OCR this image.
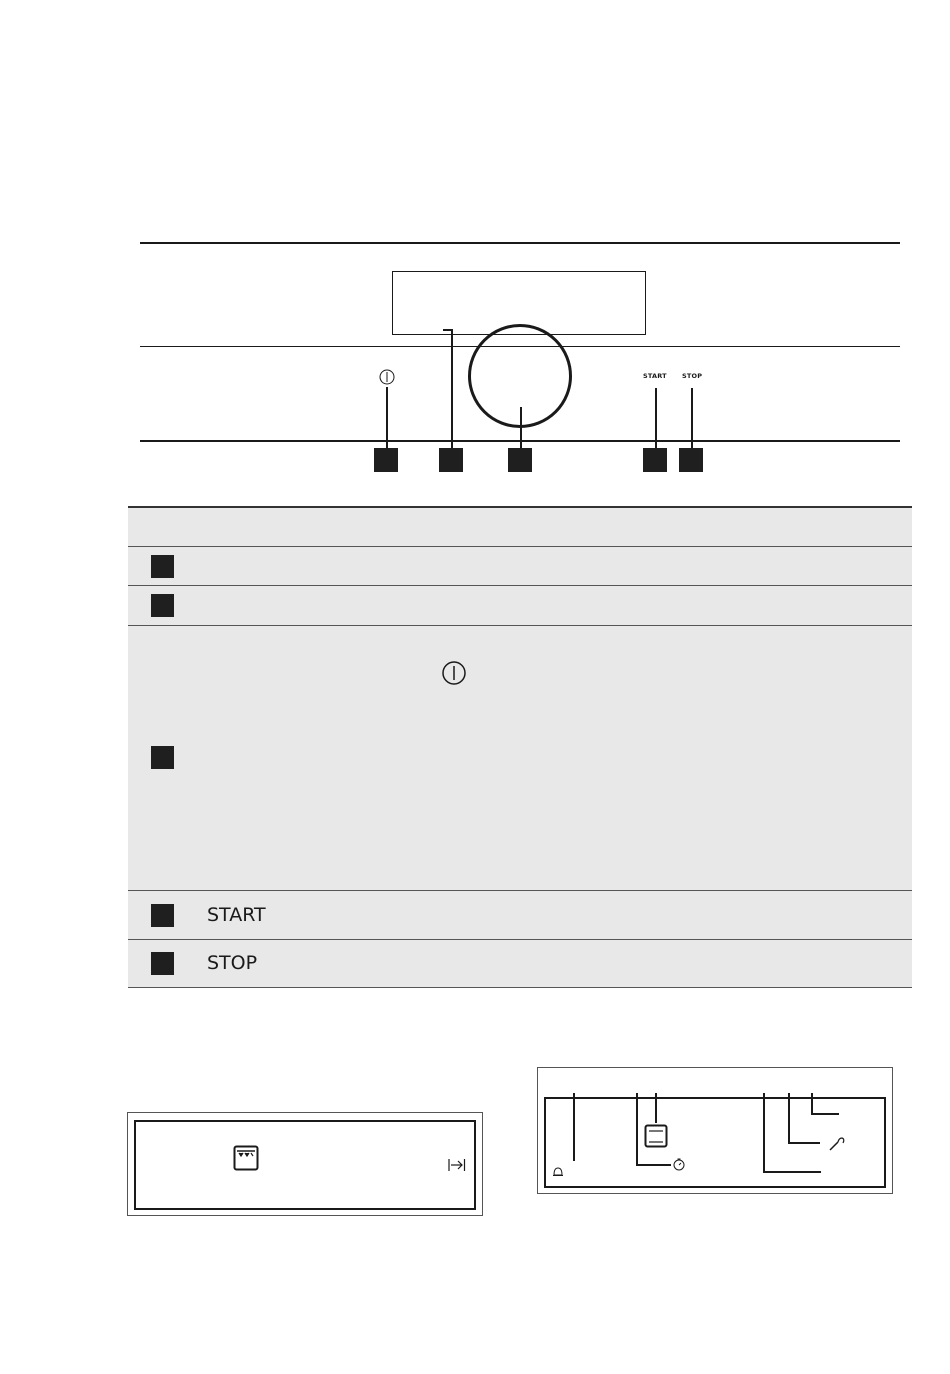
START STOP
START
STOP
